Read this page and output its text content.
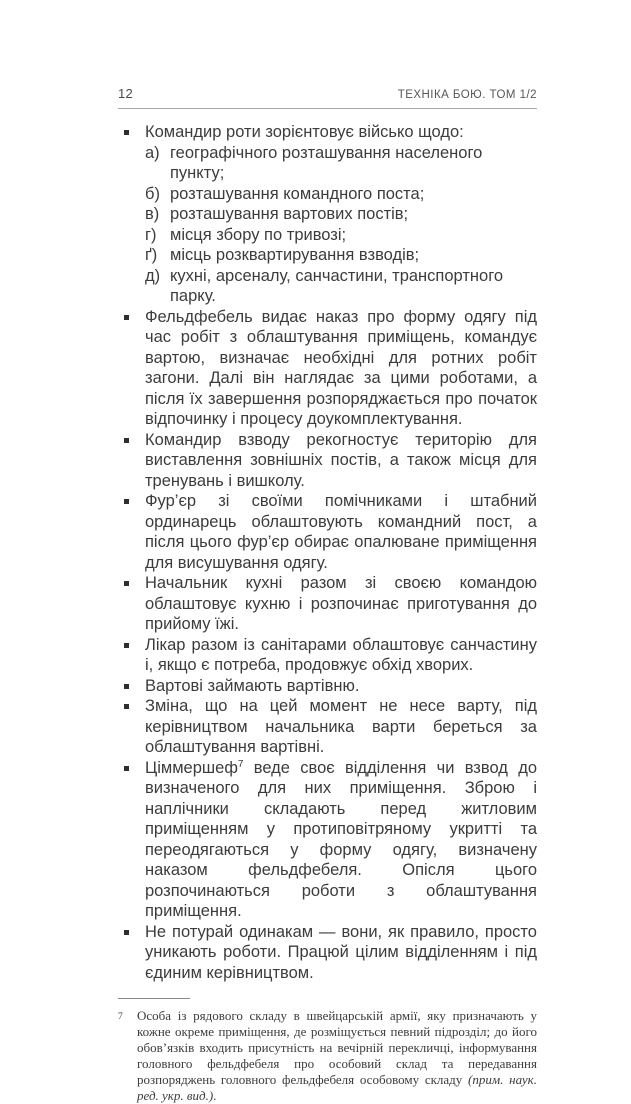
12	ТЕХНІКА БОЮ. ТОМ 1/2
Командир роти зорієнтовує військо щодо:
а) географічного розташування населеного пункту;
б) розташування командного поста;
в) розташування вартових постів;
г) місця збору по тривозі;
ґ) місць розквартирування взводів;
д) кухні, арсеналу, санчастини, транспортного парку.
Фельдфебель видає наказ про форму одягу під час робіт з облаштування приміщень, командує вартою, визначає необхідні для ротних робіт загони. Далі він наглядає за цими роботами, а після їх завершення розпоряджається про початок відпочинку і процесу доукомплектування.
Командир взводу рекогностує територію для виставлення зовнішніх постів, а також місця для тренувань і вишколу.
Фур’єр зі своїми помічниками і штабний ординарець облаштовують командний пост, а після цього фур’єр обирає опалюване приміщення для висушування одягу.
Начальник кухні разом зі своєю командою облаштовує кухню і розпочинає приготування до прийому їжі.
Лікар разом із санітарами облаштовує санчастину і, якщо є потреба, продовжує обхід хворих.
Вартові займають вартівню.
Зміна, що на цей момент не несе варту, під керівництвом начальника варти береться за облаштування вартівні.
Ціммершеф$^7$ веде своє відділення чи взвод до визначеного для них приміщення. Зброю і наплічники складають перед житловим приміщенням у протиповітряному укритті та переодягаються у форму одягу, визначену наказом фельдфебеля. Опісля цього розпочинаються роботи з облаштування приміщення.
Не потурай одинакам — вони, як правило, просто уникають роботи. Працюй цілим відділенням і під єдиним керівництвом.
7	Особа із рядового складу в швейцарській армії, яку призначають у кожне окреме приміщення, де розміщується певний підрозділ; до його обов’язків входить присутність на вечірній перекличці, інформування головного фельдфебеля про особовий склад та передавання розпоряджень головного фельдфебеля особовому складу (прим. наук. ред. укр. вид.).
